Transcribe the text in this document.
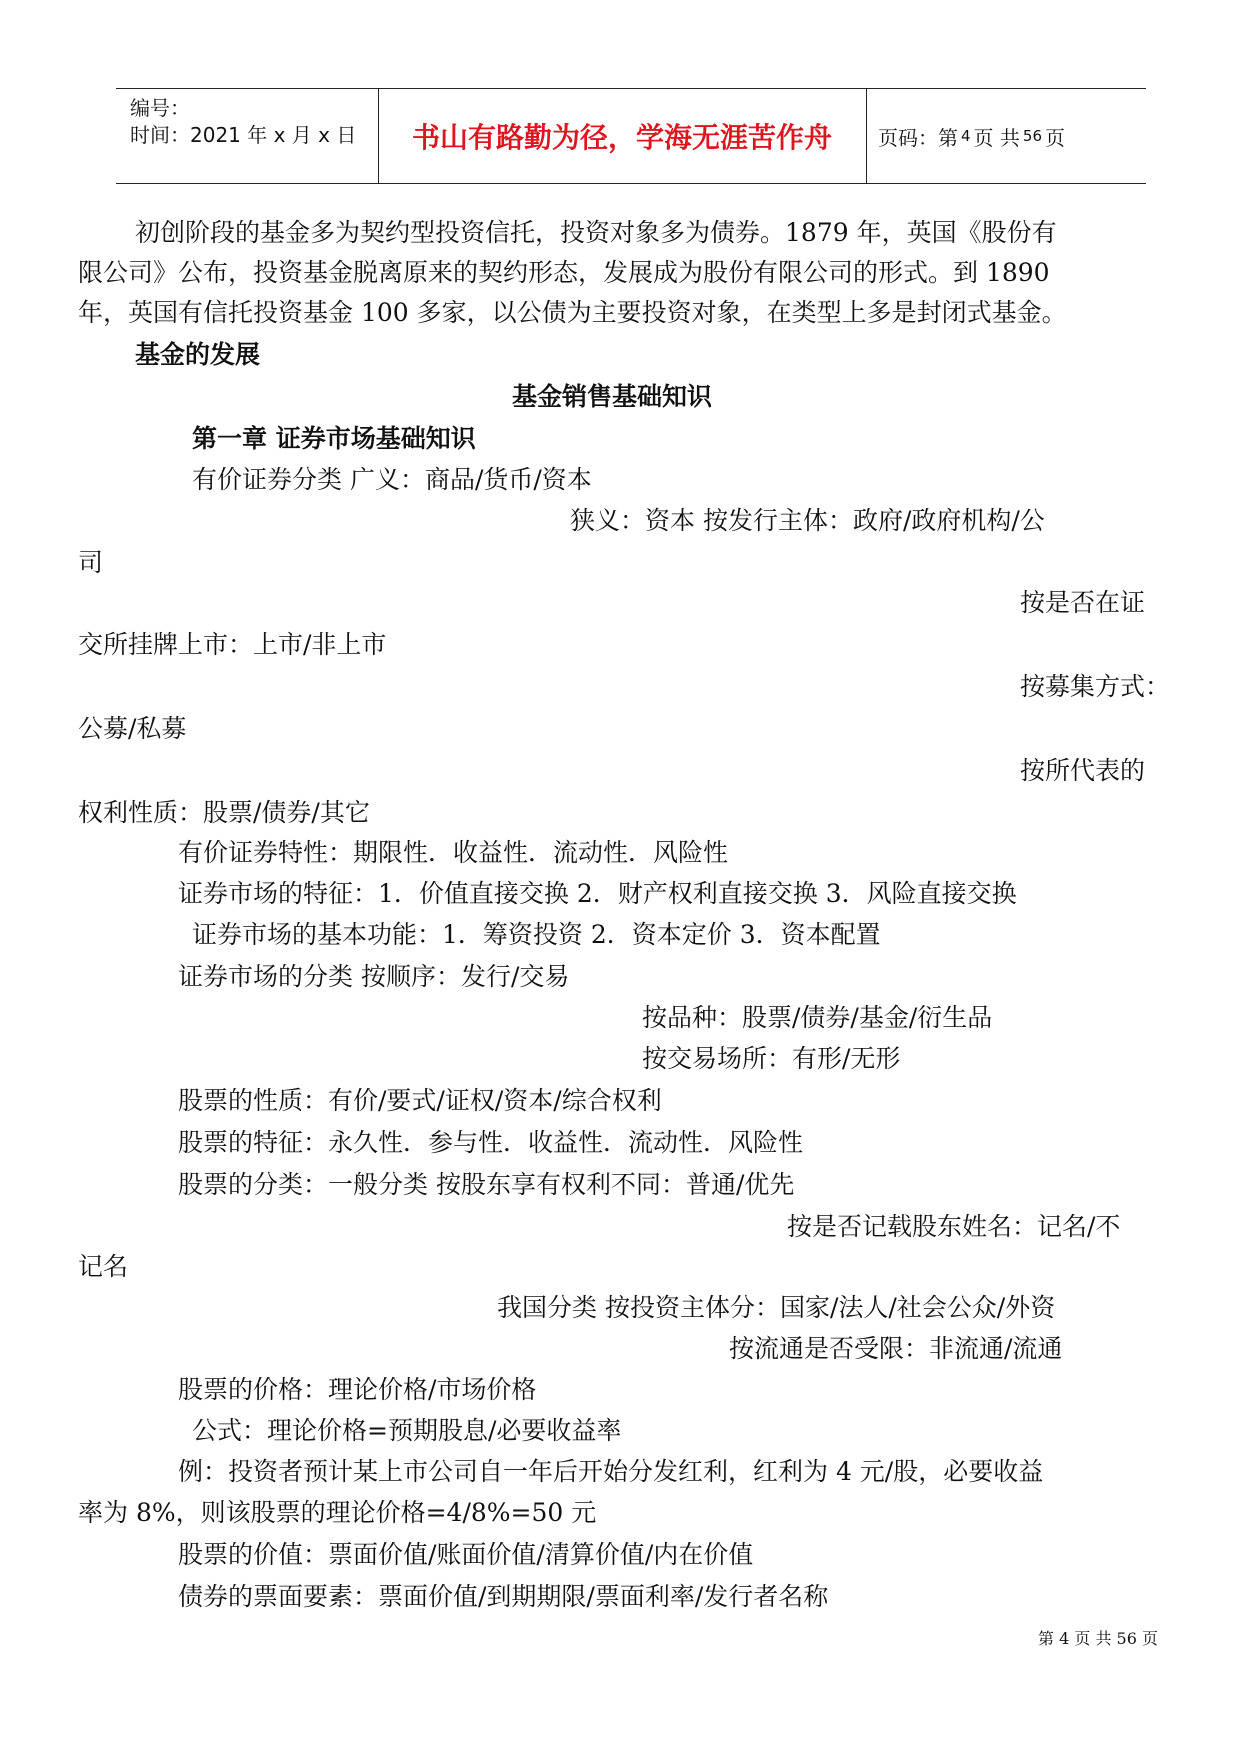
编号：
时间：2021 年 x 月 x 日	书山有路勤为径，学海无涯苦作舟	页码：第 4 页 共 56 页
初创阶段的基金多为契约型投资信托，投资对象多为债券。1879 年，英国《股份有
限公司》公布，投资基金脱离原来的契约形态，发展成为股份有限公司的形式。到 1890
年，英国有信托投资基金 100 多家，以公债为主要投资对象，在类型上多是封闭式基金。
基金的发展
基金销售基础知识
第一章 证券市场基础知识
有价证券分类 广义：商品/货币/资本
狭义：资本 按发行主体：政府/政府机构/公
司
按是否在证
交所挂牌上市：上市/非上市
按募集方式：
公募/私募
按所代表的
权利性质：股票/债券/其它
有价证券特性：期限性．收益性．流动性．风险性
证券市场的特征：1．价值直接交换 2．财产权利直接交换 3．风险直接交换
证券市场的基本功能：1．筹资投资 2．资本定价 3．资本配置
证券市场的分类 按顺序：发行/交易
按品种：股票/债券/基金/衍生品
按交易场所：有形/无形
股票的性质：有价/要式/证权/资本/综合权利
股票的特征：永久性．参与性．收益性．流动性．风险性
股票的分类：一般分类 按股东享有权利不同：普通/优先
按是否记载股东姓名：记名/不
记名
我国分类 按投资主体分：国家/法人/社会公众/外资
按流通是否受限：非流通/流通
股票的价格：理论价格/市场价格
公式：理论价格=预期股息/必要收益率
例：投资者预计某上市公司自一年后开始分发红利，红利为 4 元/股，必要收益
率为 8%，则该股票的理论价格=4/8%=50 元
股票的价值：票面价值/账面价值/清算价值/内在价值
债券的票面要素：票面价值/到期期限/票面利率/发行者名称
第 4 页 共 56 页
